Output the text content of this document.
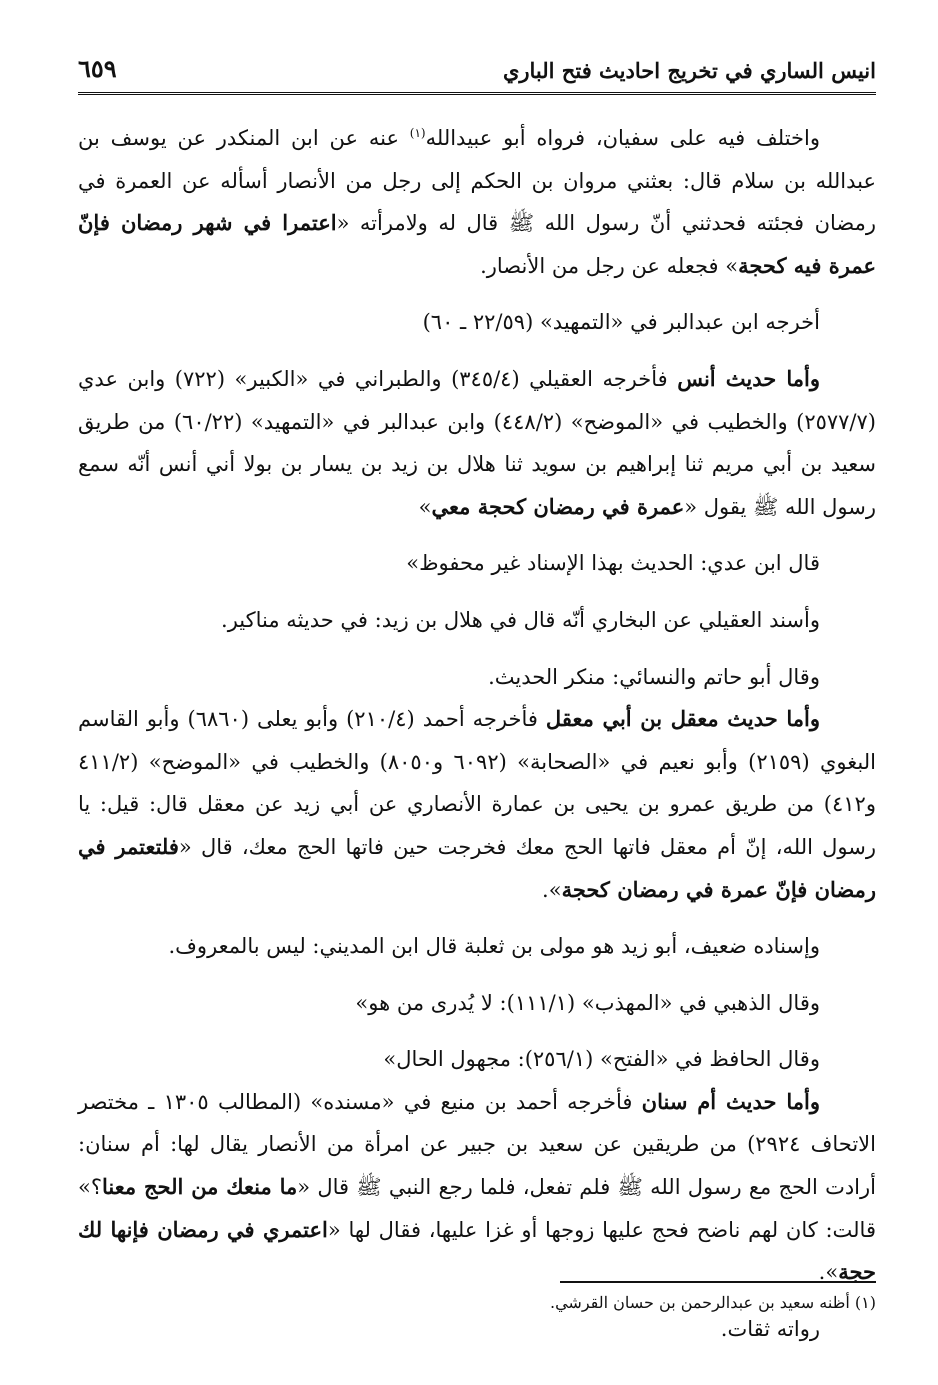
انيس الساري في تخريج احاديث فتح الباري
٦٥٩

واختلف فيه على سفيان، فرواه أبو عبيدالله$^{(١)}$ عنه عن ابن المنكدر عن يوسف بن عبدالله بن سلام قال: بعثني مروان بن الحكم إلى رجل من الأنصار أسأله عن العمرة في رمضان فجئته فحدثني أنّ رسول الله ﷺ قال له ولامرأته «اعتمرا في شهر رمضان فإنّ عمرة فيه كحجة» فجعله عن رجل من الأنصار.

أخرجه ابن عبدالبر في «التمهيد» (٢٢/٥٩ ـ ٦٠)

وأما حديث أنس فأخرجه العقيلي (٣٤٥/٤) والطبراني في «الكبير» (٧٢٢) وابن عدي (٢٥٧٧/٧) والخطيب في «الموضح» (٤٤٨/٢) وابن عبدالبر في «التمهيد» (٦٠/٢٢) من طريق سعيد بن أبي مريم ثنا إبراهيم بن سويد ثنا هلال بن زيد بن يسار بن بولا أني أنس أنّه سمع رسول الله ﷺ يقول «عمرة في رمضان كحجة معي»

قال ابن عدي: الحديث بهذا الإسناد غير محفوظ»

وأسند العقيلي عن البخاري أنّه قال في هلال بن زيد: في حديثه مناكير.

وقال أبو حاتم والنسائي: منكر الحديث.

وأما حديث معقل بن أبي معقل فأخرجه أحمد (٢١٠/٤) وأبو يعلى (٦٨٦٠) وأبو القاسم البغوي (٢١٥٩) وأبو نعيم في «الصحابة» (٦٠٩٢ و٨٠٥٠) والخطيب في «الموضح» (٤١١/٢ و٤١٢) من طريق عمرو بن يحيى بن عمارة الأنصاري عن أبي زيد عن معقل قال: قيل: يا رسول الله، إنّ أم معقل فاتها الحج معك فخرجت حين فاتها الحج معك، قال «فلتعتمر في رمضان فإنّ عمرة في رمضان كحجة».

وإسناده ضعيف، أبو زيد هو مولى بن ثعلبة قال ابن المديني: ليس بالمعروف.

وقال الذهبي في «المهذب» (١١١/١): لا يُدرى من هو»

وقال الحافظ في «الفتح» (٢٥٦/١): مجهول الحال»

وأما حديث أم سنان فأخرجه أحمد بن منيع في «مسنده» (المطالب ١٣٠٥ ـ مختصر الاتحاف ٢٩٢٤) من طريقين عن سعيد بن جبير عن امرأة من الأنصار يقال لها: أم سنان: أرادت الحج مع رسول الله ﷺ فلم تفعل، فلما رجع النبي ﷺ قال «ما منعك من الحج معنا؟» قالت: كان لهم ناضح فحج عليها زوجها أو غزا عليها، فقال لها «اعتمري في رمضان فإنها لك حجة».

رواته ثقات.

(١) أظنه سعيد بن عبدالرحمن بن حسان القرشي.
